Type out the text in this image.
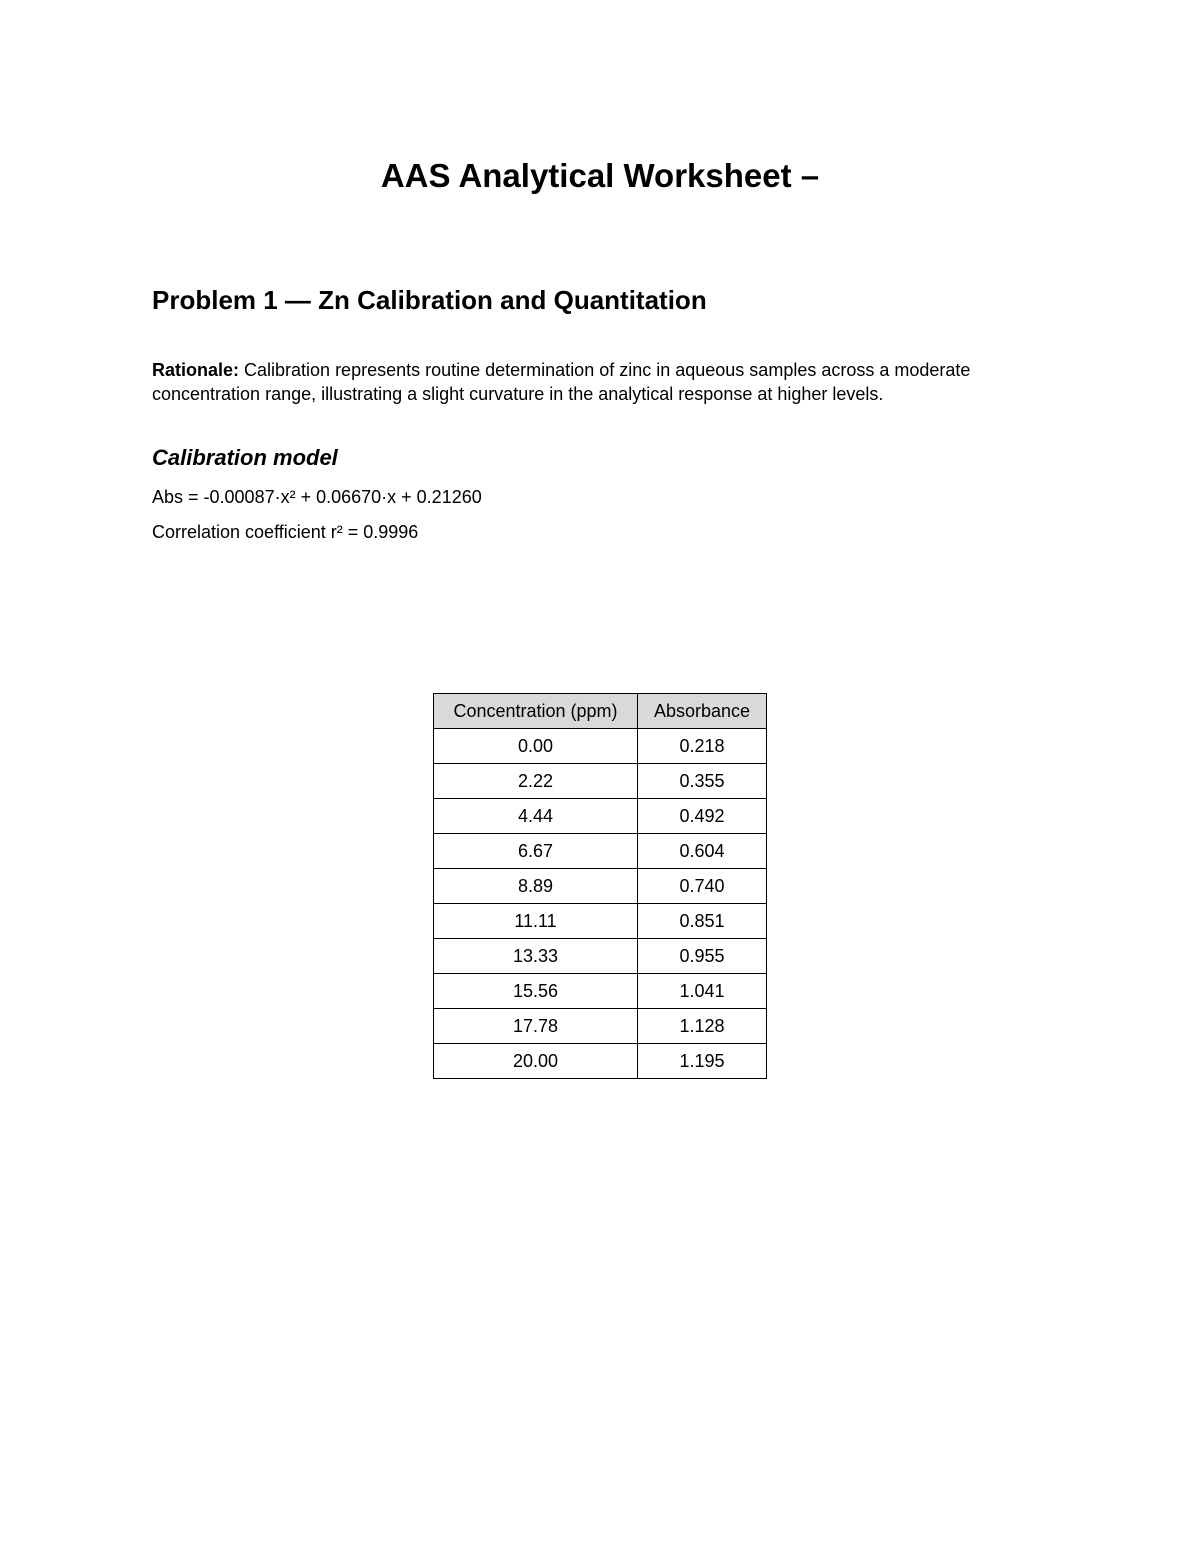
AAS Analytical Worksheet –
Problem 1 — Zn Calibration and Quantitation

Rationale: Calibration represents routine determination of zinc in aqueous samples across a moderate concentration range, illustrating a slight curvature in the analytical response at higher levels.

Calibration model

Abs = -0.00087·x² + 0.06670·x + 0.21260

Correlation coefficient r² = 0.9996

Concentration (ppm)	Absorbance
0.00	0.218
2.22	0.355
4.44	0.492
6.67	0.604
8.89	0.740
11.11	0.851
13.33	0.955
15.56	1.041
17.78	1.128
20.00	1.195
